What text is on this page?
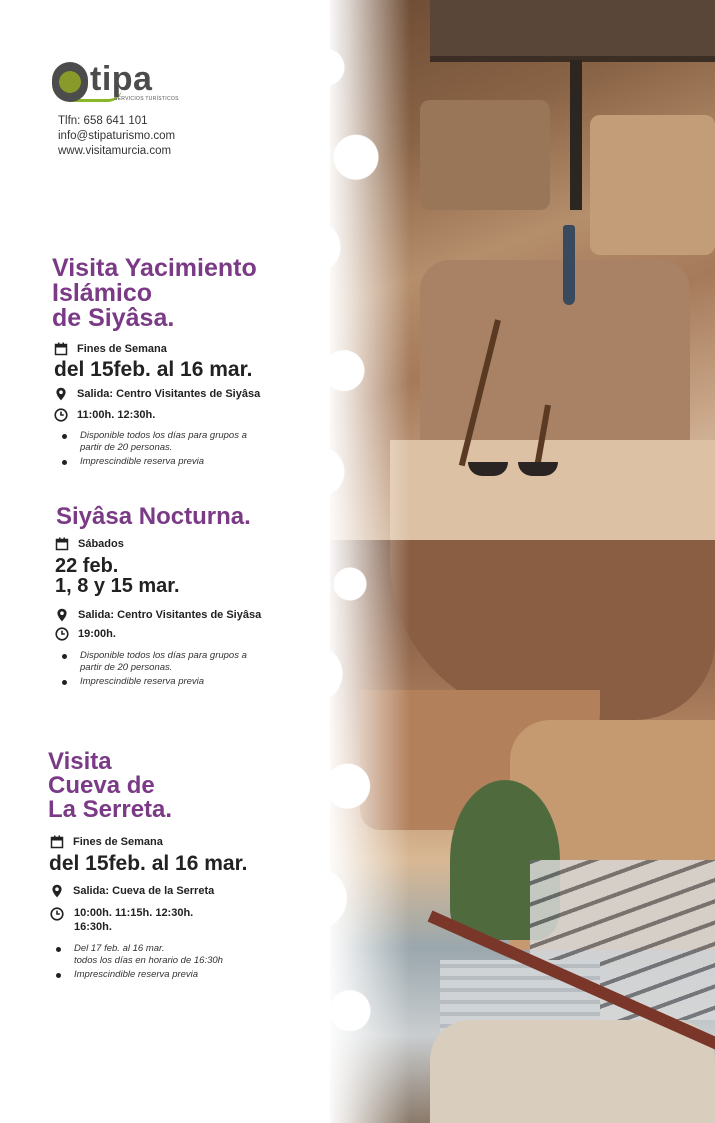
tipa
SERVICIOS TURÍSTICOS
Tlfn: 658 641 101
info@stipaturismo.com
www.visitamurcia.com
Visita Yacimiento
Islámico
de Siyâsa.
Fines de Semana
del 15feb. al 16 mar.
Salida: Centro Visitantes de Siyâsa
11:00h. 12:30h.
Disponible todos los días para grupos a
partir de 20 personas.
Imprescindible reserva previa
Siyâsa Nocturna.
Sábados
22 feb.
1, 8 y 15 mar.
Salida: Centro Visitantes de Siyâsa
19:00h.
Disponible todos los días para grupos a
partir de 20 personas.
Imprescindible reserva previa
Visita
Cueva de
La Serreta.
Fines de Semana
del 15feb. al 16 mar.
Salida: Cueva de la Serreta
10:00h. 11:15h. 12:30h.
16:30h.
Del 17 feb. al 16 mar.
todos los días en horario de 16:30h
Imprescindible reserva previa
